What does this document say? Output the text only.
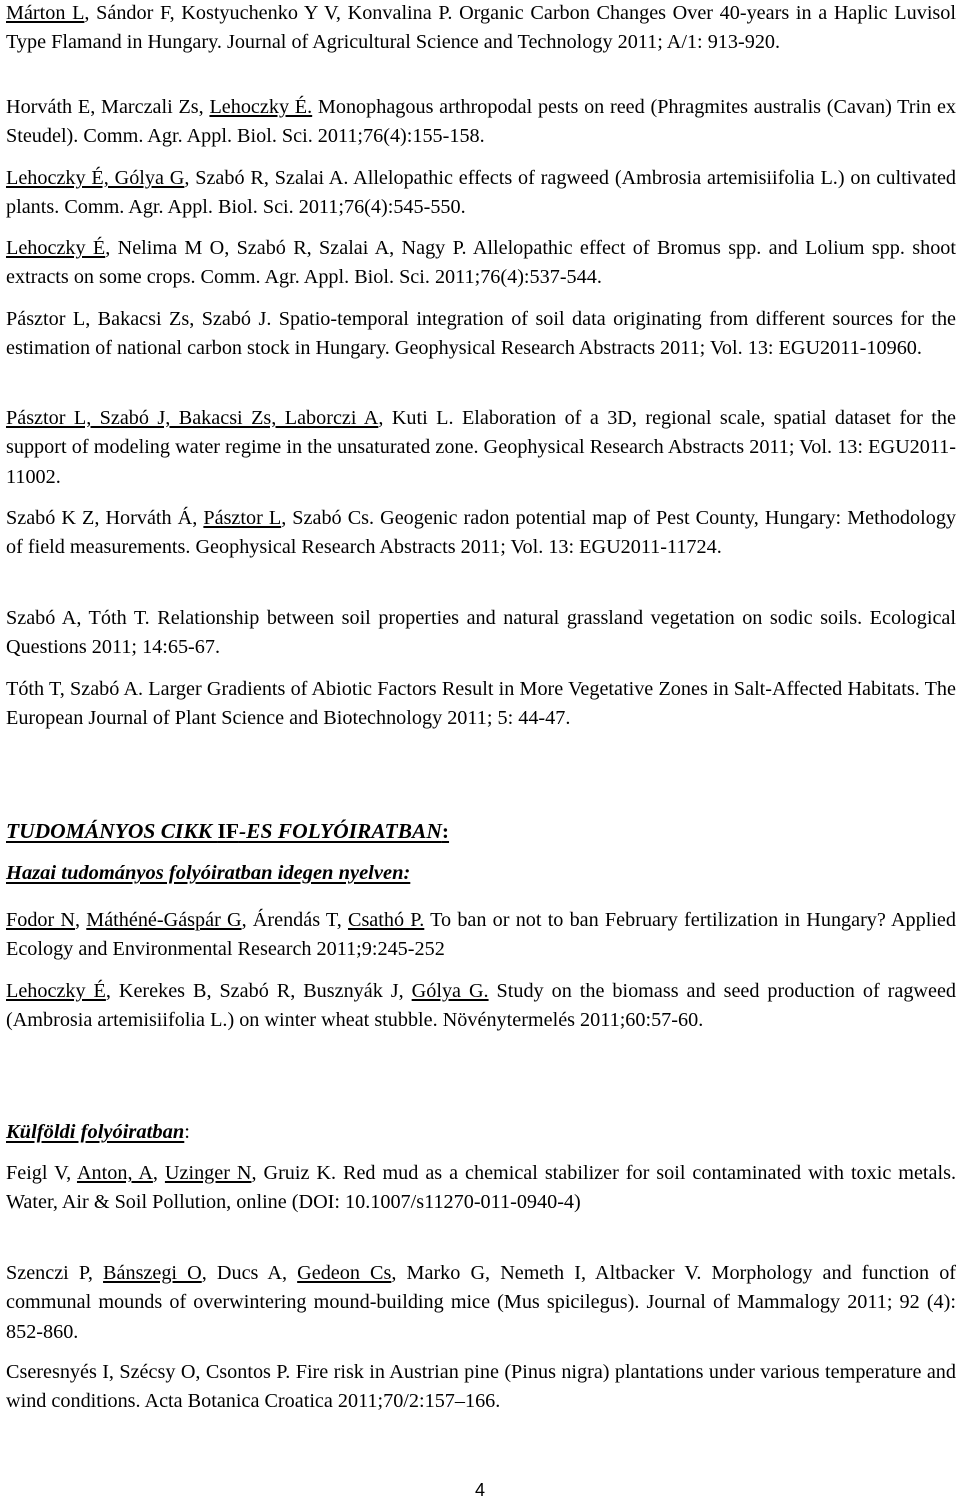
Márton L, Sándor F, Kostyuchenko Y V, Konvalina P. Organic Carbon Changes Over 40-years in a Haplic Luvisol Type Flamand in Hungary. Journal of Agricultural Science and Technology 2011; A/1: 913-920.

Horváth E, Marczali Zs, Lehoczky É. Monophagous arthropodal pests on reed (Phragmites australis (Cavan) Trin ex Steudel). Comm. Agr. Appl. Biol. Sci. 2011;76(4):155-158.

Lehoczky É, Gólya G, Szabó R, Szalai A. Allelopathic effects of ragweed (Ambrosia artemisiifolia L.) on cultivated plants. Comm. Agr. Appl. Biol. Sci. 2011;76(4):545-550.

Lehoczky É, Nelima M O, Szabó R, Szalai A, Nagy P. Allelopathic effect of Bromus spp. and Lolium spp. shoot extracts on some crops. Comm. Agr. Appl. Biol. Sci. 2011;76(4):537-544.

Pásztor L, Bakacsi Zs, Szabó J. Spatio-temporal integration of soil data originating from different sources for the estimation of national carbon stock in Hungary. Geophysical Research Abstracts 2011; Vol. 13: EGU2011-10960.

Pásztor L, Szabó J, Bakacsi Zs, Laborczi A, Kuti L. Elaboration of a 3D, regional scale, spatial dataset for the support of modeling water regime in the unsaturated zone. Geophysical Research Abstracts 2011; Vol. 13: EGU2011-11002.

Szabó K Z, Horváth Á, Pásztor L, Szabó Cs. Geogenic radon potential map of Pest County, Hungary: Methodology of field measurements. Geophysical Research Abstracts 2011; Vol. 13: EGU2011-11724.

Szabó A, Tóth T. Relationship between soil properties and natural grassland vegetation on sodic soils. Ecological Questions 2011; 14:65-67.

Tóth T, Szabó A. Larger Gradients of Abiotic Factors Result in More Vegetative Zones in Salt-Affected Habitats. The European Journal of Plant Science and Biotechnology 2011; 5: 44-47.

TUDOMÁNYOS CIKK IF-ES FOLYÓIRATBAN:

Hazai tudományos folyóiratban idegen nyelven:

Fodor N, Máthéné-Gáspár G, Árendás T, Csathó P. To ban or not to ban February fertilization in Hungary? Applied Ecology and Environmental Research 2011;9:245-252

Lehoczky É, Kerekes B, Szabó R, Busznyák J, Gólya G. Study on the biomass and seed production of ragweed (Ambrosia artemisiifolia L.) on winter wheat stubble. Növénytermelés 2011;60:57-60.

Külföldi folyóiratban:

Feigl V, Anton, A, Uzinger N, Gruiz K. Red mud as a chemical stabilizer for soil contaminated with toxic metals. Water, Air & Soil Pollution, online (DOI: 10.1007/s11270-011-0940-4)

Szenczi P, Bánszegi O, Ducs A, Gedeon Cs, Marko G, Nemeth I, Altbacker V. Morphology and function of communal mounds of overwintering mound-building mice (Mus spicilegus). Journal of Mammalogy 2011; 92 (4): 852-860.

Cseresnyés I, Szécsy O, Csontos P. Fire risk in Austrian pine (Pinus nigra) plantations under various temperature and wind conditions. Acta Botanica Croatica 2011;70/2:157–166.

4
